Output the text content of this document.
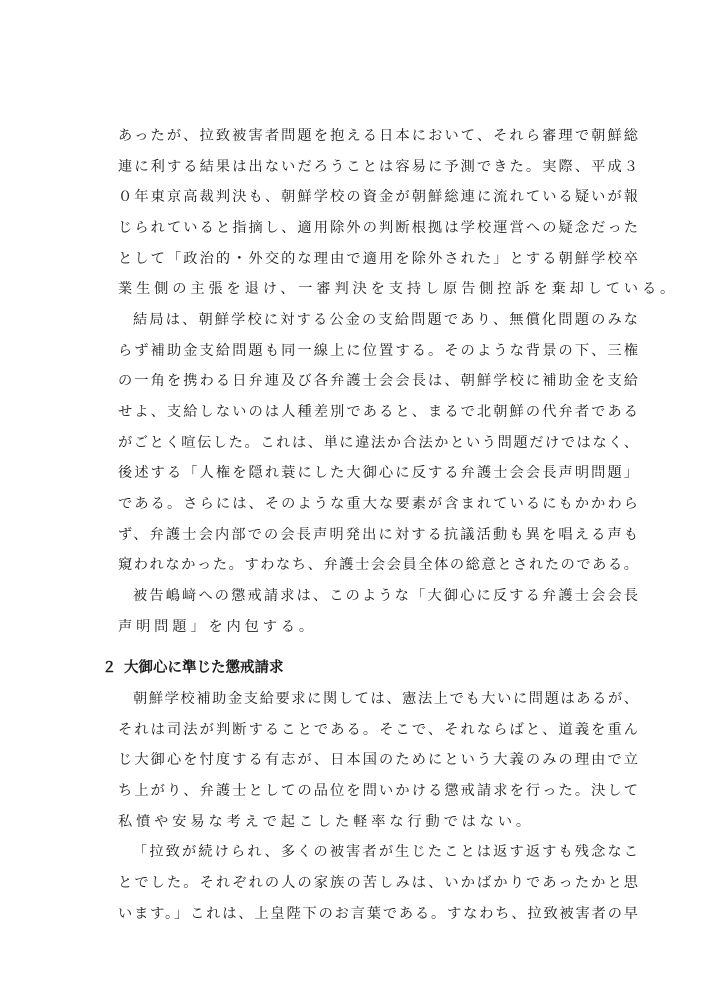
あったが、拉致被害者問題を抱える日本において、それら審理で朝鮮総
連に利する結果は出ないだろうことは容易に予測できた。実際、平成３
０年東京高裁判決も、朝鮮学校の資金が朝鮮総連に流れている疑いが報
じられていると指摘し、適用除外の判断根拠は学校運営への疑念だった
として「政治的・外交的な理由で適用を除外された」とする朝鮮学校卒
業生側の主張を退け、一審判決を支持し原告側控訴を棄却している。
結局は、朝鮮学校に対する公金の支給問題であり、無償化問題のみな
らず補助金支給問題も同一線上に位置する。そのような背景の下、三権
の一角を携わる日弁連及び各弁護士会会長は、朝鮮学校に補助金を支給
せよ、支給しないのは人種差別であると、まるで北朝鮮の代弁者である
がごとく喧伝した。これは、単に違法か合法かという問題だけではなく、
後述する「人権を隠れ蓑にした大御心に反する弁護士会会長声明問題」
である。さらには、そのような重大な要素が含まれているにもかかわら
ず、弁護士会内部での会長声明発出に対する抗議活動も異を唱える声も
窺われなかった。すわなち、弁護士会会員全体の総意とされたのである。
被告嶋﨑への懲戒請求は、このような「大御心に反する弁護士会会長
声明問題」を内包する。
２ 大御心に準じた懲戒請求
朝鮮学校補助金支給要求に関しては、憲法上でも大いに問題はあるが、
それは司法が判断することである。そこで、それならばと、道義を重ん
じ大御心を忖度する有志が、日本国のためにという大義のみの理由で立
ち上がり、弁護士としての品位を問いかける懲戒請求を行った。決して
私憤や安易な考えで起こした軽率な行動ではない。
「拉致が続けられ、多くの被害者が生じたことは返す返すも残念なこ
とでした。それぞれの人の家族の苦しみは、いかばかりであったかと思
います。」これは、上皇陛下のお言葉である。すなわち、拉致被害者の早
